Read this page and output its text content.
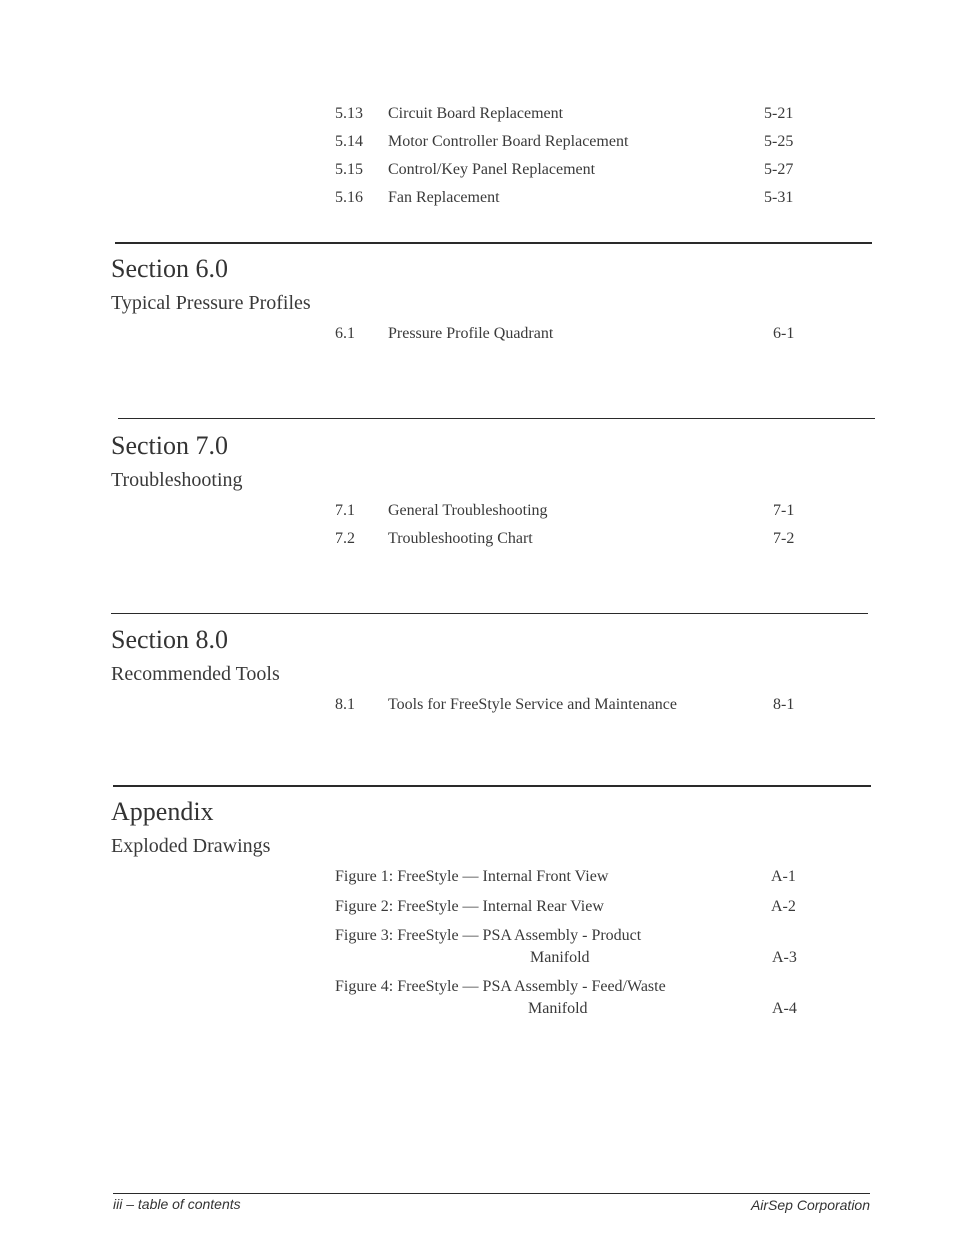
5.13 Circuit Board Replacement	5-21
5.14 Motor Controller Board Replacement	5-25
5.15 Control/Key Panel Replacement	5-27
5.16 Fan Replacement	5-31
Section 6.0
Typical Pressure Profiles
6.1 Pressure Profile Quadrant	6-1
Section 7.0
Troubleshooting
7.1 General Troubleshooting	7-1
7.2 Troubleshooting Chart	7-2
Section 8.0
Recommended Tools
8.1 Tools for FreeStyle Service and Maintenance	8-1
Appendix
Exploded Drawings
Figure 1: FreeStyle — Internal Front View	A-1
Figure 2: FreeStyle — Internal Rear View	A-2
Figure 3: FreeStyle — PSA Assembly - Product
Manifold	A-3
Figure 4: FreeStyle — PSA Assembly - Feed/Waste
Manifold	A-4
iii – table of contents	AirSep Corporation
